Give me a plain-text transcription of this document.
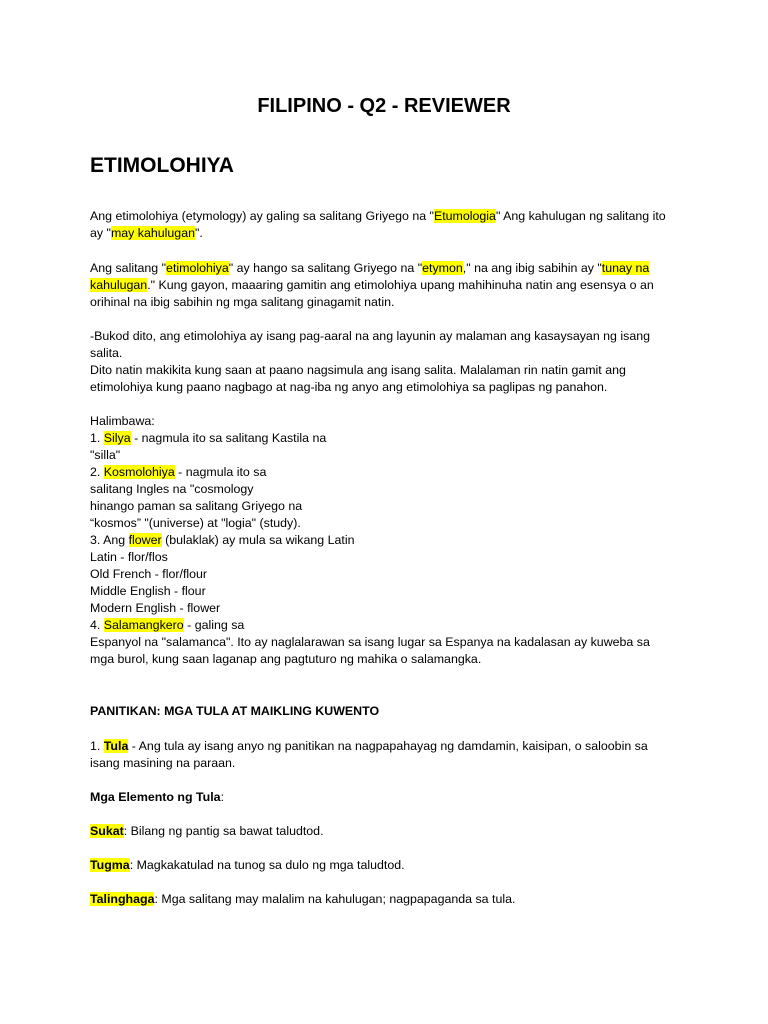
FILIPINO - Q2 - REVIEWER
ETIMOLOHIYA

Ang etimolohiya (etymology) ay galing sa salitang Griyego na "Etumologia" Ang kahulugan ng salitang ito
ay "may kahulugan".

Ang salitang "etimolohiya" ay hango sa salitang Griyego na "etymon," na ang ibig sabihin ay "tunay na
kahulugan." Kung gayon, maaaring gamitin ang etimolohiya upang mahihinuha natin ang esensya o an
orihinal na ibig sabihin ng mga salitang ginagamit natin.

-Bukod dito, ang etimolohiya ay isang pag-aaral na ang layunin ay malaman ang kasaysayan ng isang
salita.
Dito natin makikita kung saan at paano nagsimula ang isang salita. Malalaman rin natin gamit ang
etimolohiya kung paano nagbago at nag-iba ng anyo ang etimolohiya sa paglipas ng panahon.

Halimbawa:
1. Silya - nagmula ito sa salitang Kastila na
"silla"
2. Kosmolohiya - nagmula ito sa
salitang Ingles na "cosmology
hinango paman sa salitang Griyego na
“kosmos” "(universe) at "logia" (study).
3. Ang flower (bulaklak) ay mula sa wikang Latin
Latin - flor/flos
Old French - flor/flour
Middle English - flour
Modern English - flower
4. Salamangkero - galing sa
Espanyol na "salamanca". Ito ay naglalarawan sa isang lugar sa Espanya na kadalasan ay kuweba sa
mga burol, kung saan laganap ang pagtuturo ng mahika o salamangka.

PANITIKAN: MGA TULA AT MAIKLING KUWENTO

1. Tula - Ang tula ay isang anyo ng panitikan na nagpapahayag ng damdamin, kaisipan, o saloobin sa
isang masining na paraan.

Mga Elemento ng Tula:

Sukat: Bilang ng pantig sa bawat taludtod.

Tugma: Magkakatulad na tunog sa dulo ng mga taludtod.

Talinghaga: Mga salitang may malalim na kahulugan; nagpapaganda sa tula.
